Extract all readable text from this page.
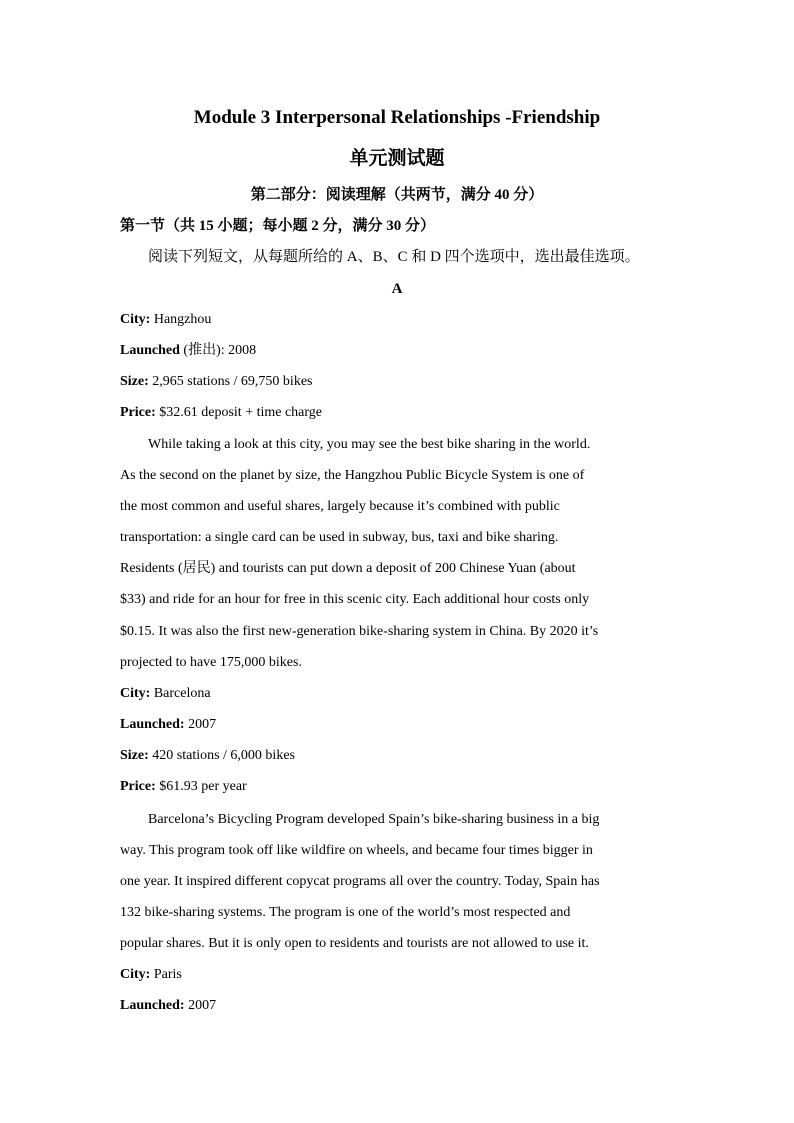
Module 3 Interpersonal Relationships -Friendship
单元测试题
第二部分：阅读理解（共两节，满分 40 分）
第一节（共 15 小题；每小题 2 分，满分 30 分）
阅读下列短文，从每题所给的 A、B、C 和 D 四个选项中，选出最佳选项。
A
City: Hangzhou
Launched (推出): 2008
Size: 2,965 stations / 69,750 bikes
Price: $32.61 deposit + time charge
While taking a look at this city, you may see the best bike sharing in the world.
As the second on the planet by size, the Hangzhou Public Bicycle System is one of
the most common and useful shares, largely because it’s combined with public
transportation: a single card can be used in subway, bus, taxi and bike sharing.
Residents (居民) and tourists can put down a deposit of 200 Chinese Yuan (about
$33) and ride for an hour for free in this scenic city. Each additional hour costs only
$0.15. It was also the first new-generation bike-sharing system in China. By 2020 it’s
projected to have 175,000 bikes.
City: Barcelona
Launched: 2007
Size: 420 stations / 6,000 bikes
Price: $61.93 per year
Barcelona’s Bicycling Program developed Spain’s bike-sharing business in a big
way. This program took off like wildfire on wheels, and became four times bigger in
one year. It inspired different copycat programs all over the country. Today, Spain has
132 bike-sharing systems. The program is one of the world’s most respected and
popular shares. But it is only open to residents and tourists are not allowed to use it.
City: Paris
Launched: 2007
